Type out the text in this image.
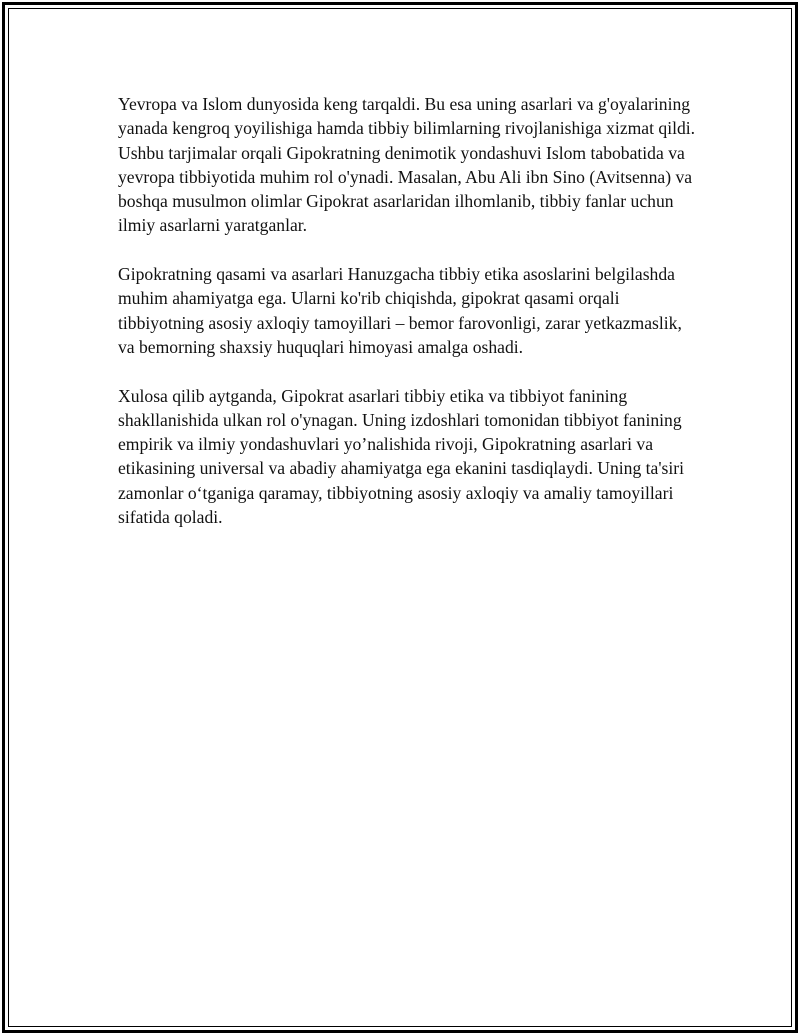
Yevropa va Islom dunyosida keng tarqaldi. Bu esa uning asarlari va g'oyalarining yanada kengroq yoyilishiga hamda tibbiy bilimlarning rivojlanishiga xizmat qildi. Ushbu tarjimalar orqali Gipokratning denimotik yondashuvi Islom tabobatida va yevropa tibbiyotida muhim rol o'ynadi. Masalan, Abu Ali ibn Sino (Avitsenna) va boshqa musulmon olimlar Gipokrat asarlaridan ilhomlanib, tibbiy fanlar uchun ilmiy asarlarni yaratganlar.

Gipokratning qasami va asarlari Hanuzgacha tibbiy etika asoslarini belgilashda muhim ahamiyatga ega. Ularni ko'rib chiqishda, gipokrat qasami orqali tibbiyotning asosiy axloqiy tamoyillari – bemor farovonligi, zarar yetkazmaslik, va bemorning shaxsiy huquqlari himoyasi amalga oshadi.

Xulosa qilib aytganda, Gipokrat asarlari tibbiy etika va tibbiyot fanining shakllanishida ulkan rol o'ynagan. Uning izdoshlari tomonidan tibbiyot fanining empirik va ilmiy yondashuvlari yo’nalishida rivoji, Gipokratning asarlari va etikasining universal va abadiy ahamiyatga ega ekanini tasdiqlaydi. Uning ta'siri zamonlar o‘tganiga qaramay, tibbiyotning asosiy axloqiy va amaliy tamoyillari sifatida qoladi.
